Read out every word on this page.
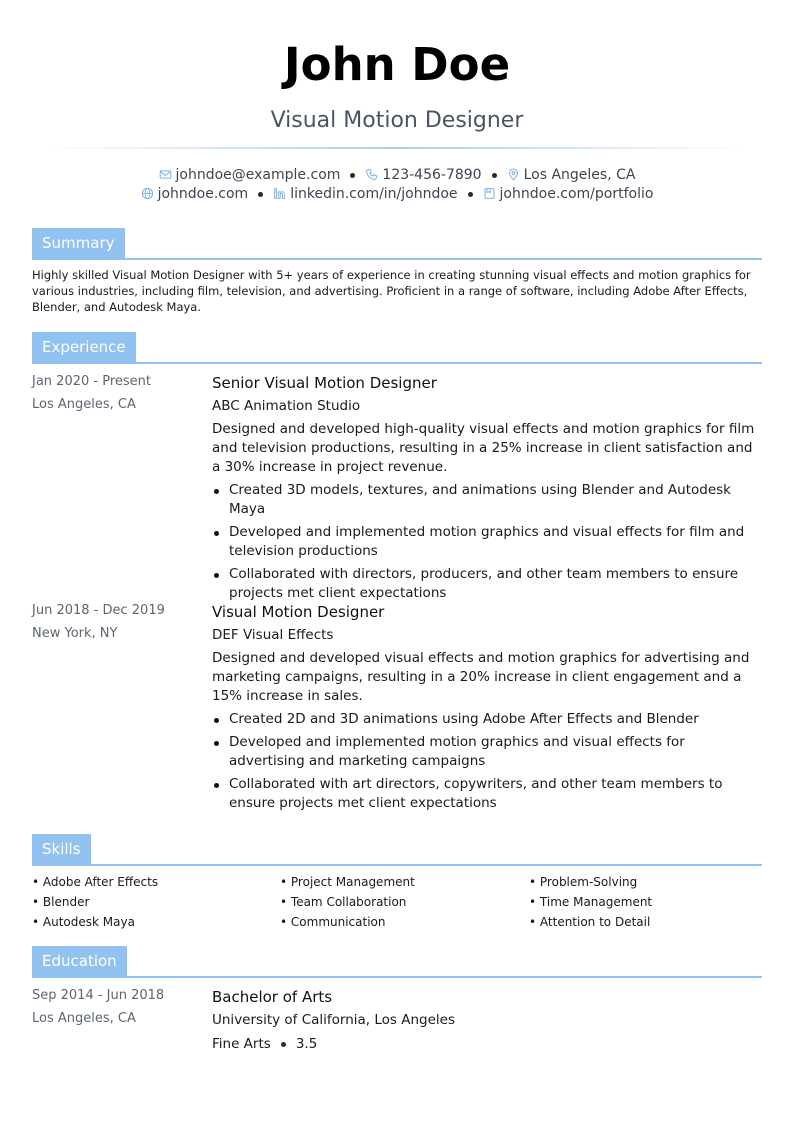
John Doe
Visual Motion Designer
johndoe@example.com	123-456-7890	Los Angeles, CA
johndoe.com	linkedin.com/in/johndoe	johndoe.com/portfolio
Summary
Highly skilled Visual Motion Designer with 5+ years of experience in creating stunning visual effects and motion graphics for various industries, including film, television, and advertising. Proficient in a range of software, including Adobe After Effects, Blender, and Autodesk Maya.
Experience
Jan 2020 - Present
Los Angeles, CA
Senior Visual Motion Designer
ABC Animation Studio
Designed and developed high-quality visual effects and motion graphics for film and television productions, resulting in a 25% increase in client satisfaction and a 30% increase in project revenue.
Created 3D models, textures, and animations using Blender and Autodesk Maya
Developed and implemented motion graphics and visual effects for film and television productions
Collaborated with directors, producers, and other team members to ensure projects met client expectations
Jun 2018 - Dec 2019
New York, NY
Visual Motion Designer
DEF Visual Effects
Designed and developed visual effects and motion graphics for advertising and marketing campaigns, resulting in a 20% increase in client engagement and a 15% increase in sales.
Created 2D and 3D animations using Adobe After Effects and Blender
Developed and implemented motion graphics and visual effects for advertising and marketing campaigns
Collaborated with art directors, copywriters, and other team members to ensure projects met client expectations
Skills
• Adobe After Effects
• Blender
• Autodesk Maya
• Project Management
• Team Collaboration
• Communication
• Problem-Solving
• Time Management
• Attention to Detail
Education
Sep 2014 - Jun 2018
Los Angeles, CA
Bachelor of Arts
University of California, Los Angeles
Fine Arts 3.5
